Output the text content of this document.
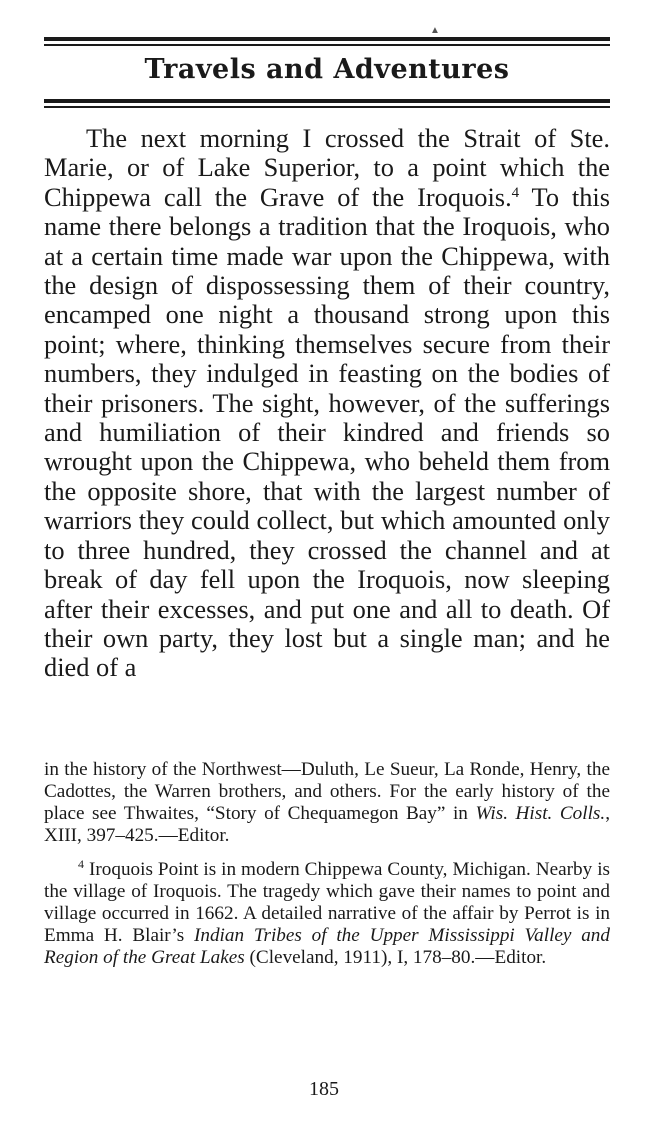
▲
Travels and Adventures

The next morning I crossed the Strait of Ste. Marie, or of Lake Superior, to a point which the Chippewa call the Grave of the Iroquois.$^4$ To this name there belongs a tradition that the Iroquois, who at a certain time made war upon the Chippewa, with the design of dispossessing them of their country, encamped one night a thousand strong upon this point; where, thinking themselves secure from their numbers, they indulged in feasting on the bodies of their prisoners. The sight, however, of the sufferings and humiliation of their kindred and friends so wrought upon the Chippewa, who beheld them from the opposite shore, that with the largest number of warriors they could collect, but which amounted only to three hundred, they crossed the channel and at break of day fell upon the Iroquois, now sleeping after their excesses, and put one and all to death. Of their own party, they lost but a single man; and he died of a

in the history of the Northwest—Duluth, Le Sueur, La Ronde, Henry, the Cadottes, the Warren brothers, and others. For the early history of the place see Thwaites, “Story of Chequamegon Bay” in Wis. Hist. Colls., XIII, 397–425.—Editor.

$^4$ Iroquois Point is in modern Chippewa County, Michigan. Nearby is the village of Iroquois. The tragedy which gave their names to point and village occurred in 1662. A detailed narrative of the affair by Perrot is in Emma H. Blair’s Indian Tribes of the Upper Mississippi Valley and Region of the Great Lakes (Cleveland, 1911), I, 178–80.—Editor.

185
